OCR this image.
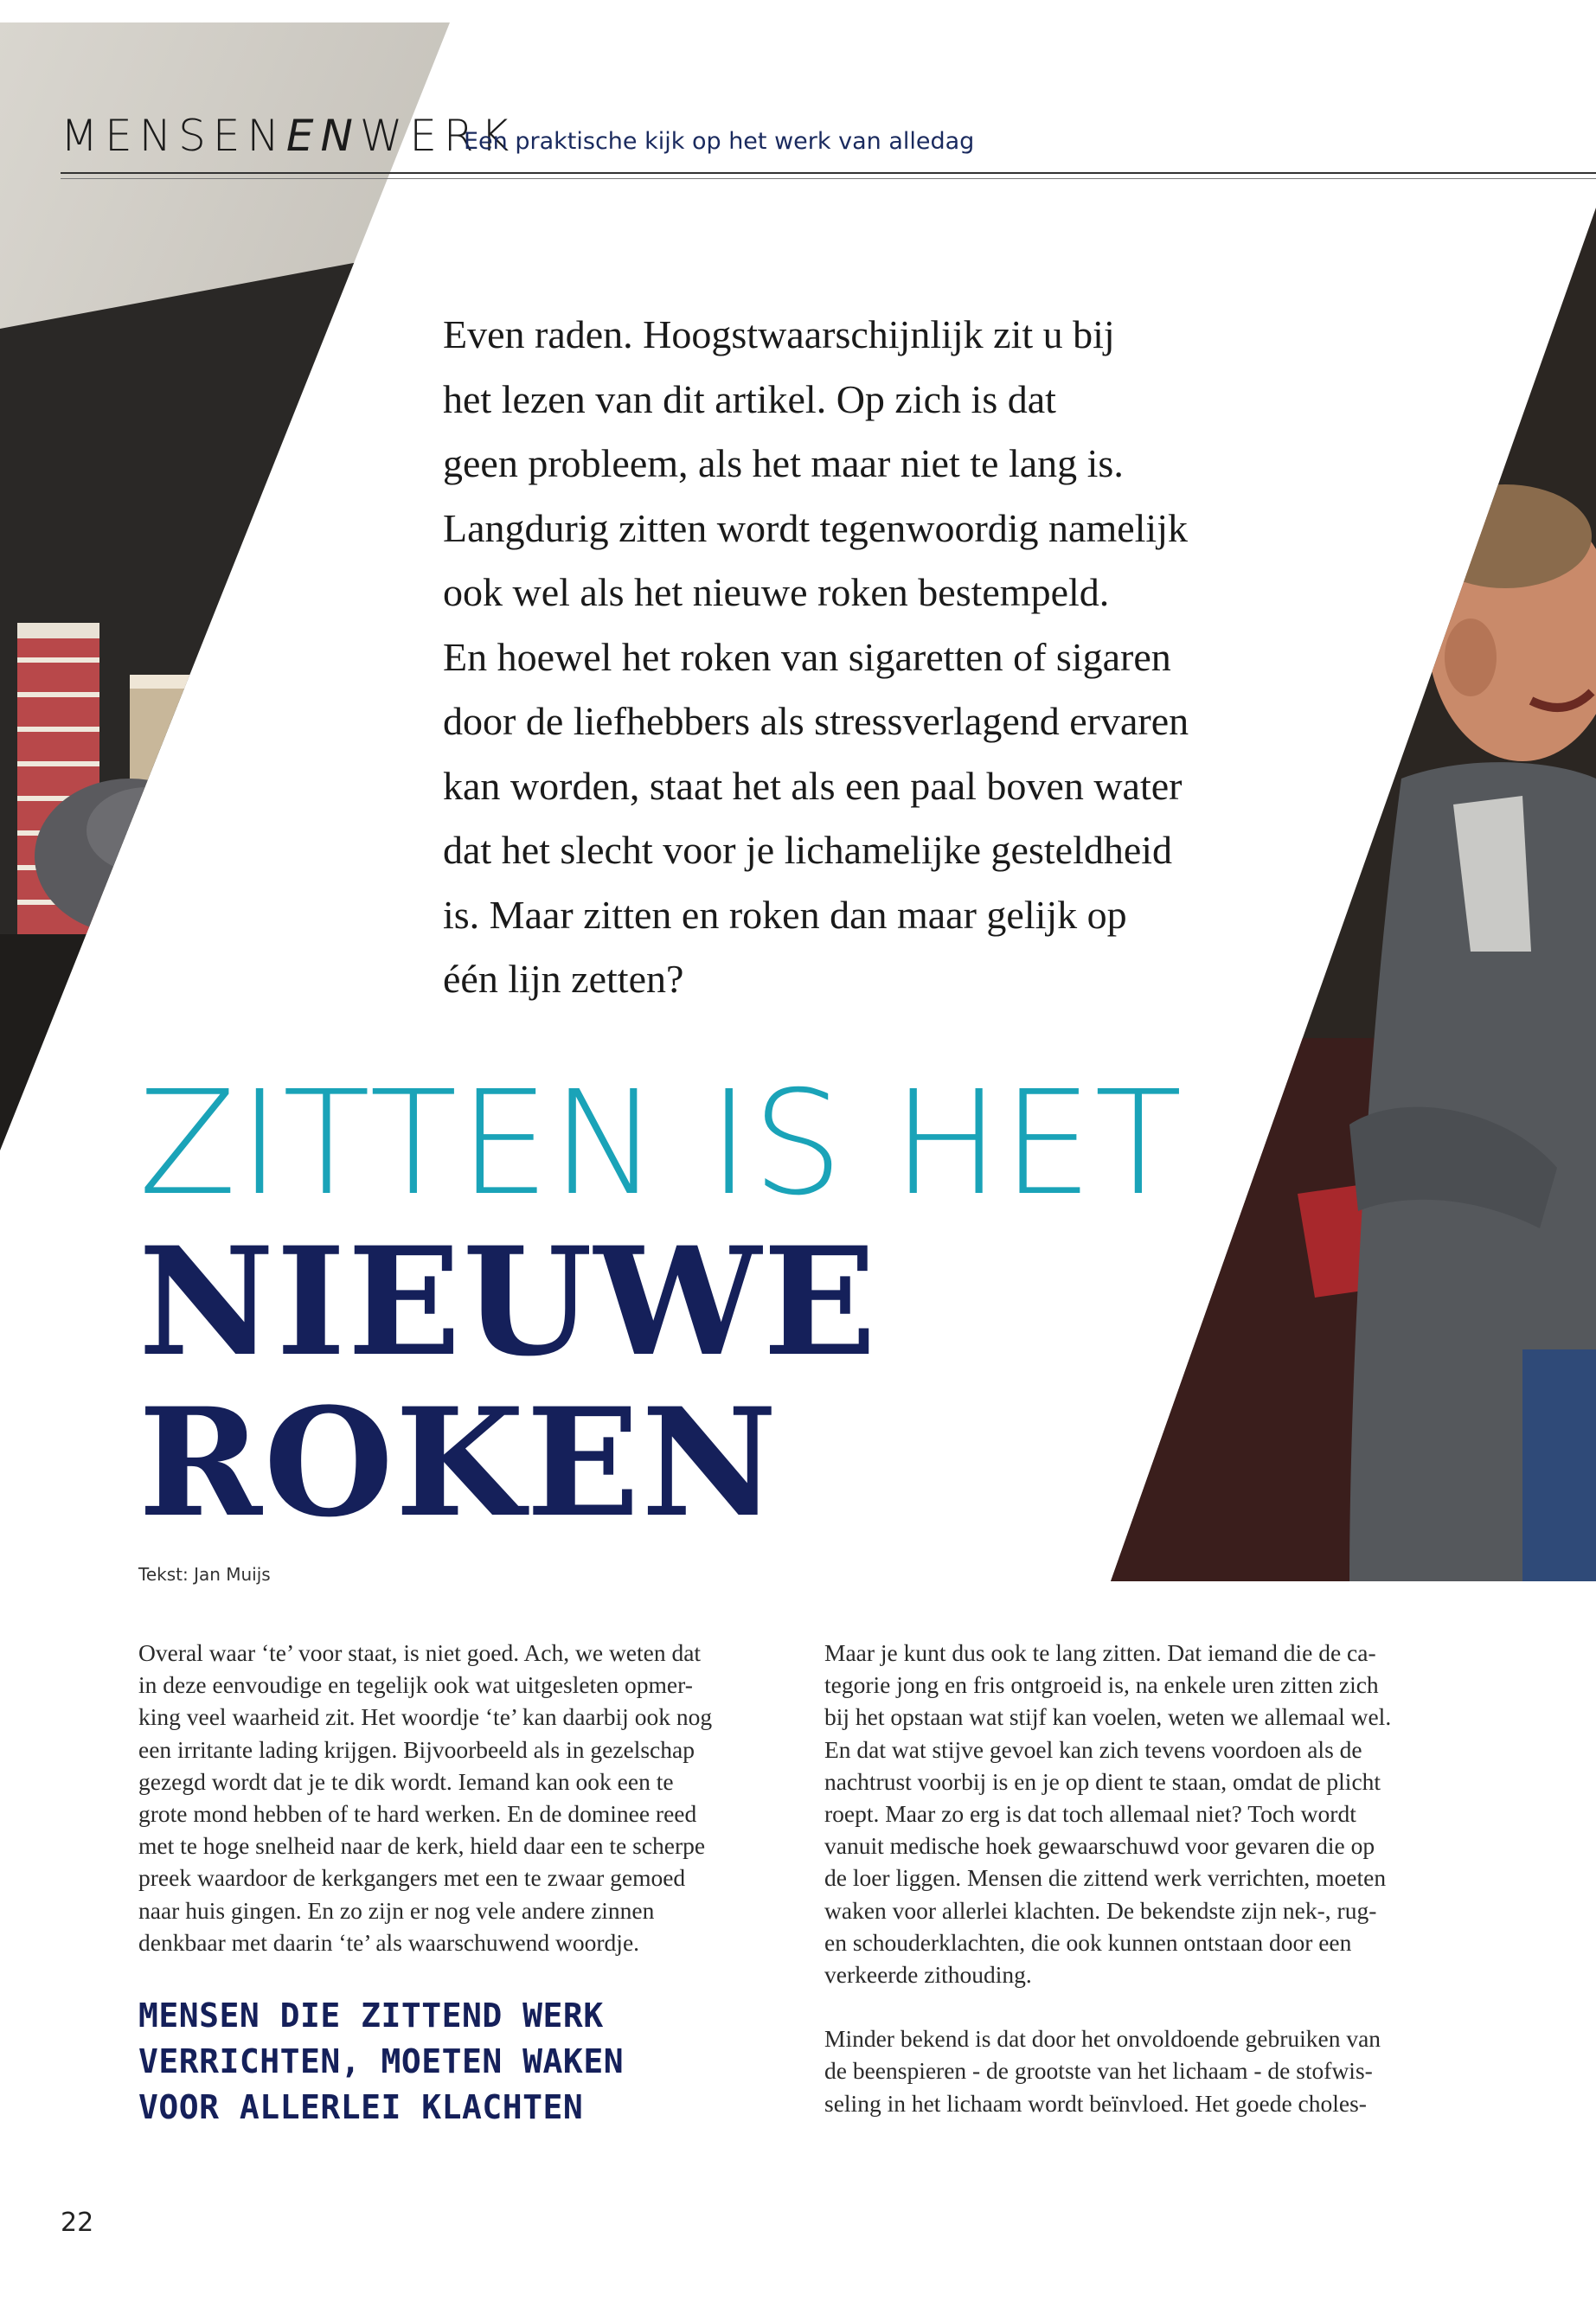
MENSENENWERK
Een praktische kijk op het werk van alledag
Even raden. Hoogstwaarschijnlijk zit u bij
het lezen van dit artikel. Op zich is dat
geen probleem, als het maar niet te lang is.
Langdurig zitten wordt tegenwoordig namelijk
ook wel als het nieuwe roken bestempeld.
En hoewel het roken van sigaretten of sigaren
door de liefhebbers als stressverlagend ervaren
kan worden, staat het als een paal boven water
dat het slecht voor je lichamelijke gesteldheid
is. Maar zitten en roken dan maar gelijk op
één lijn zetten?
ZITTEN IS HET
NIEUWE
ROKEN
Tekst: Jan Muijs
Overal waar ‘te’ voor staat, is niet goed. Ach, we weten dat
in deze eenvoudige en tegelijk ook wat uitgesleten opmer-
king veel waarheid zit. Het woordje ‘te’ kan daarbij ook nog
een irritante lading krijgen. Bijvoorbeeld als in gezelschap
gezegd wordt dat je te dik wordt. Iemand kan ook een te
grote mond hebben of te hard werken. En de dominee reed
met te hoge snelheid naar de kerk, hield daar een te scherpe
preek waardoor de kerkgangers met een te zwaar gemoed
naar huis gingen. En zo zijn er nog vele andere zinnen
denkbaar met daarin ‘te’ als waarschuwend woordje.
MENSEN DIE ZITTEND WERK
VERRICHTEN, MOETEN WAKEN
VOOR ALLERLEI KLACHTEN
Maar je kunt dus ook te lang zitten. Dat iemand die de ca-
tegorie jong en fris ontgroeid is, na enkele uren zitten zich
bij het opstaan wat stijf kan voelen, weten we allemaal wel.
En dat wat stijve gevoel kan zich tevens voordoen als de
nachtrust voorbij is en je op dient te staan, omdat de plicht
roept. Maar zo erg is dat toch allemaal niet? Toch wordt
vanuit medische hoek gewaarschuwd voor gevaren die op
de loer liggen. Mensen die zittend werk verrichten, moeten
waken voor allerlei klachten. De bekendste zijn nek-, rug-
en schouderklachten, die ook kunnen ontstaan door een
verkeerde zithouding.
Minder bekend is dat door het onvoldoende gebruiken van
de beenspieren - de grootste van het lichaam - de stofwis-
seling in het lichaam wordt beïnvloed. Het goede choles-
22
